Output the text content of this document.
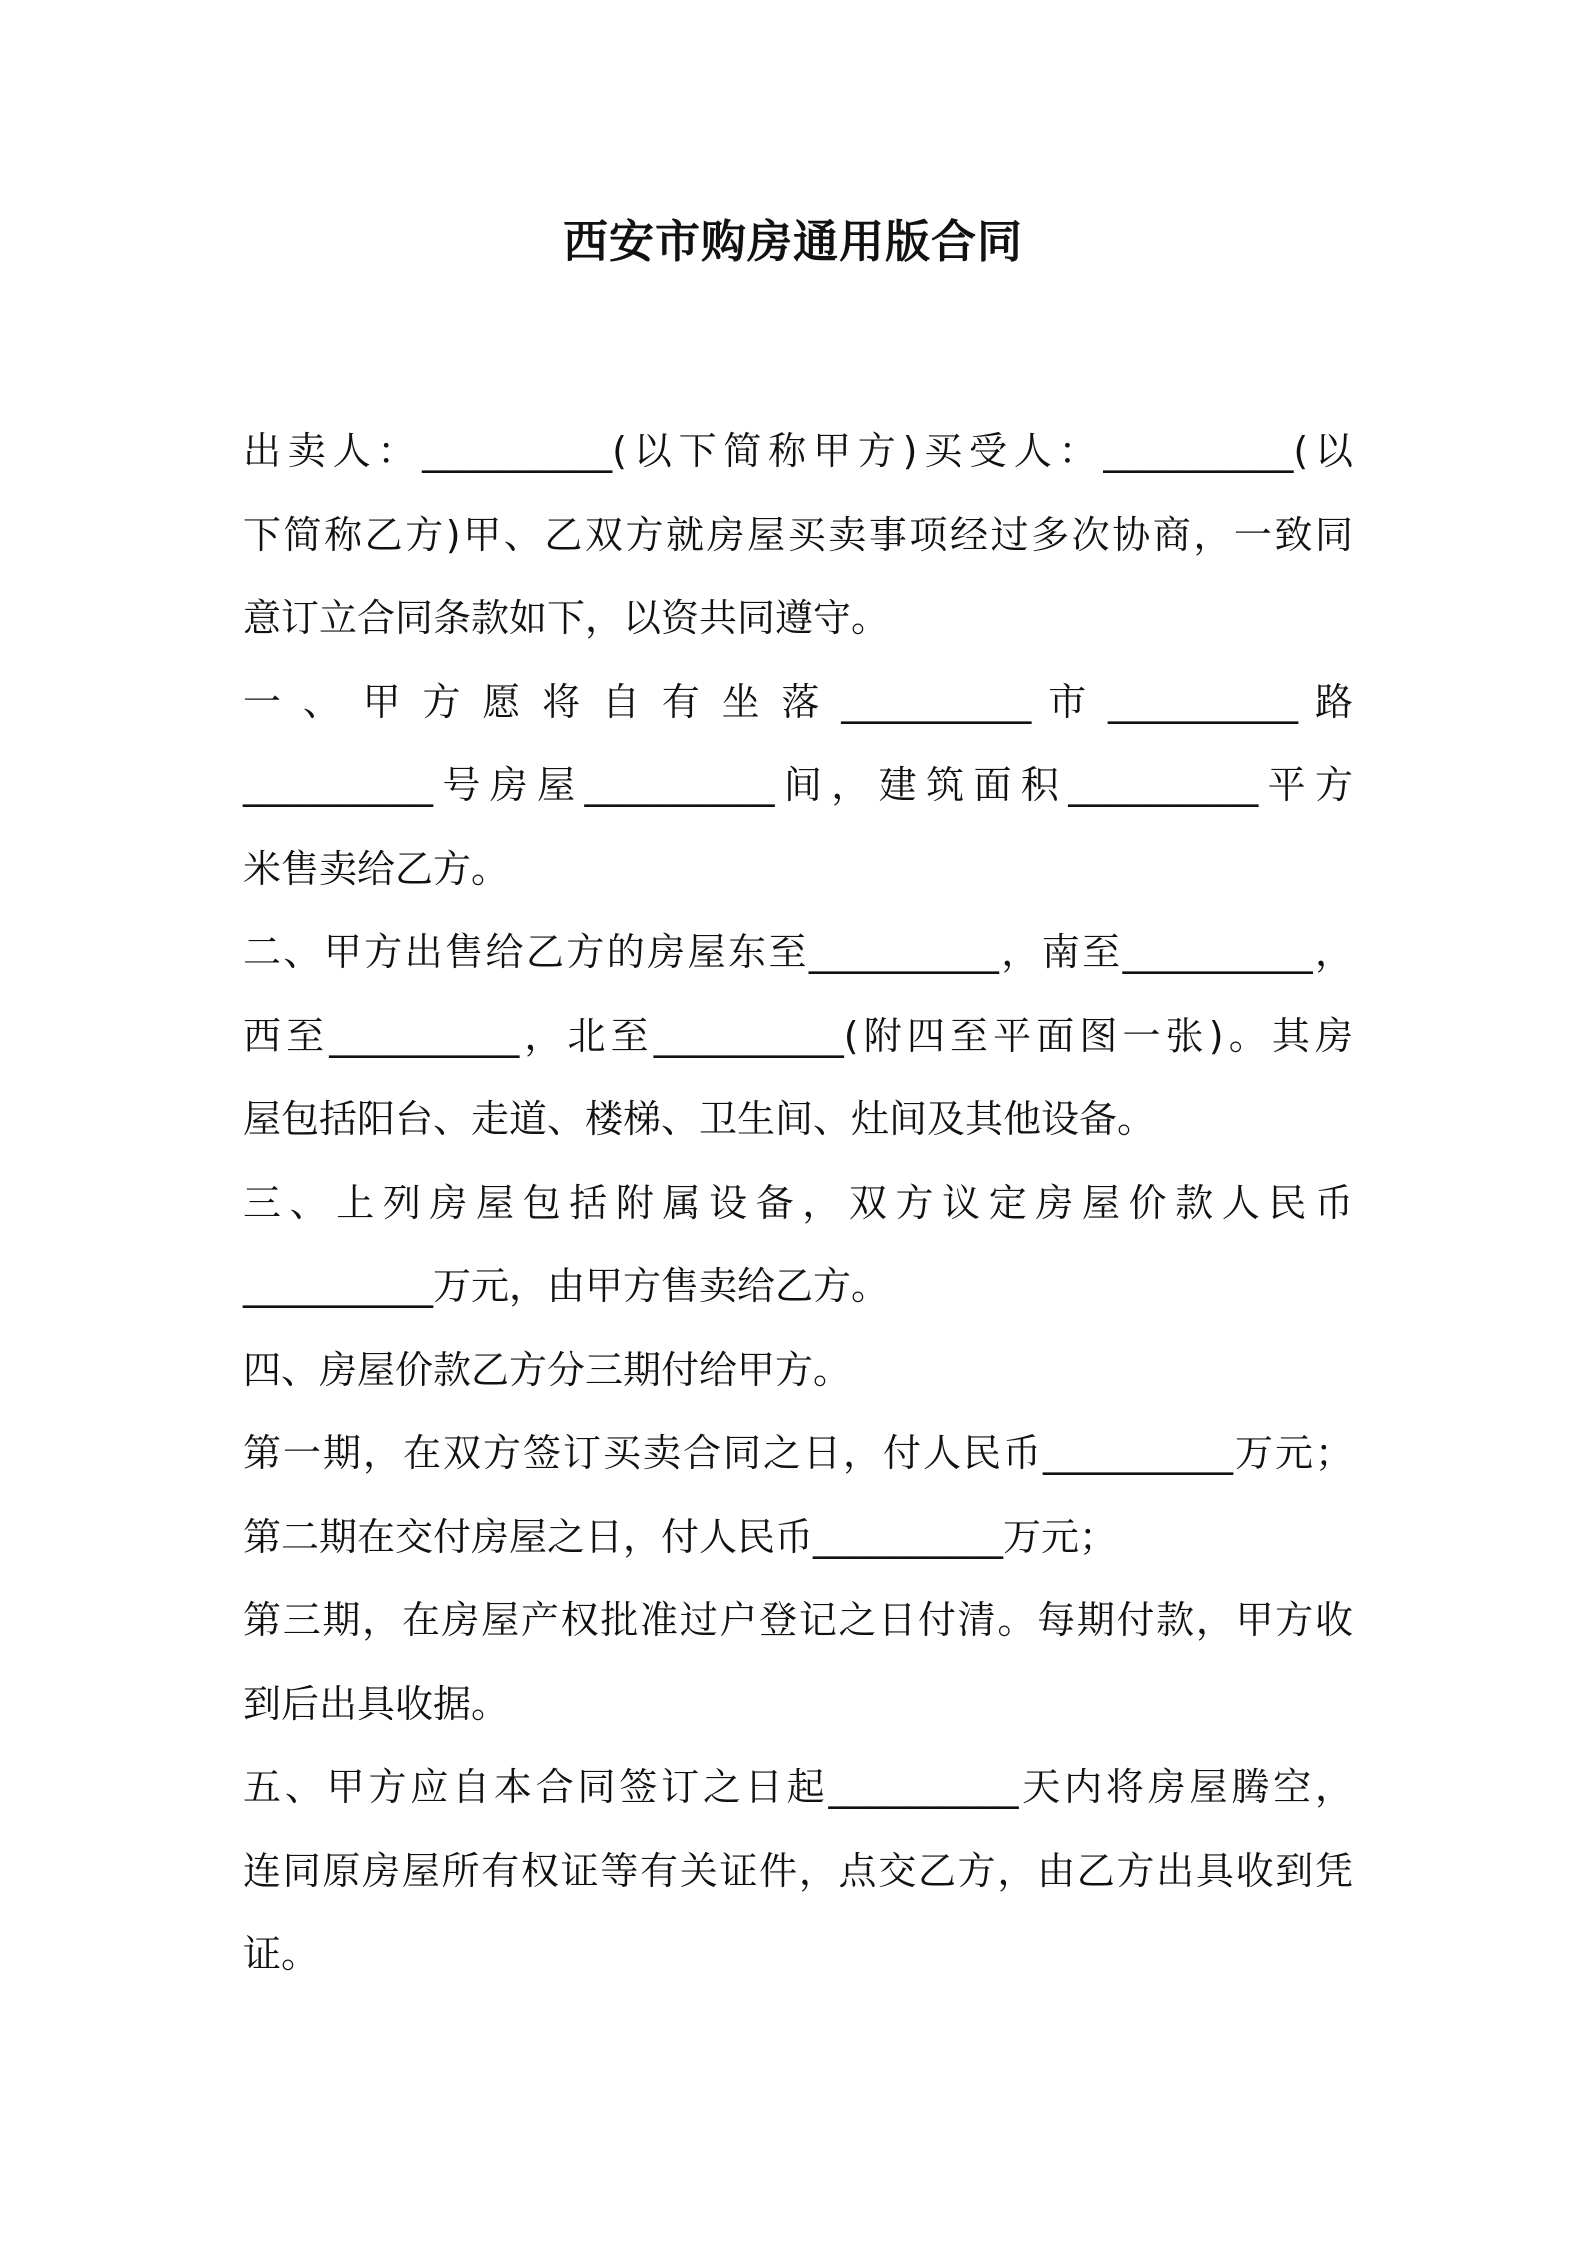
西安市购房通用版合同
出卖人：__________(以下简称甲方)买受人：__________(以
下简称乙方)甲、乙双方就房屋买卖事项经过多次协商，一致同
意订立合同条款如下，以资共同遵守。
一 、 甲 方 愿 将 自 有 坐 落 __________ 市 __________ 路
__________号房屋__________间，建筑面积__________平方
米售卖给乙方。
二、甲方出售给乙方的房屋东至__________，南至__________，
西至__________，北至__________(附四至平面图一张)。其房
屋包括阳台、走道、楼梯、卫生间、灶间及其他设备。
三、上列房屋包括附属设备，双方议定房屋价款人民币
__________万元，由甲方售卖给乙方。
四、房屋价款乙方分三期付给甲方。
第一期，在双方签订买卖合同之日，付人民币__________万元；
第二期在交付房屋之日，付人民币__________万元；
第三期，在房屋产权批准过户登记之日付清。每期付款，甲方收
到后出具收据。
五、甲方应自本合同签订之日起__________天内将房屋腾空，
连同原房屋所有权证等有关证件，点交乙方，由乙方出具收到凭
证。
